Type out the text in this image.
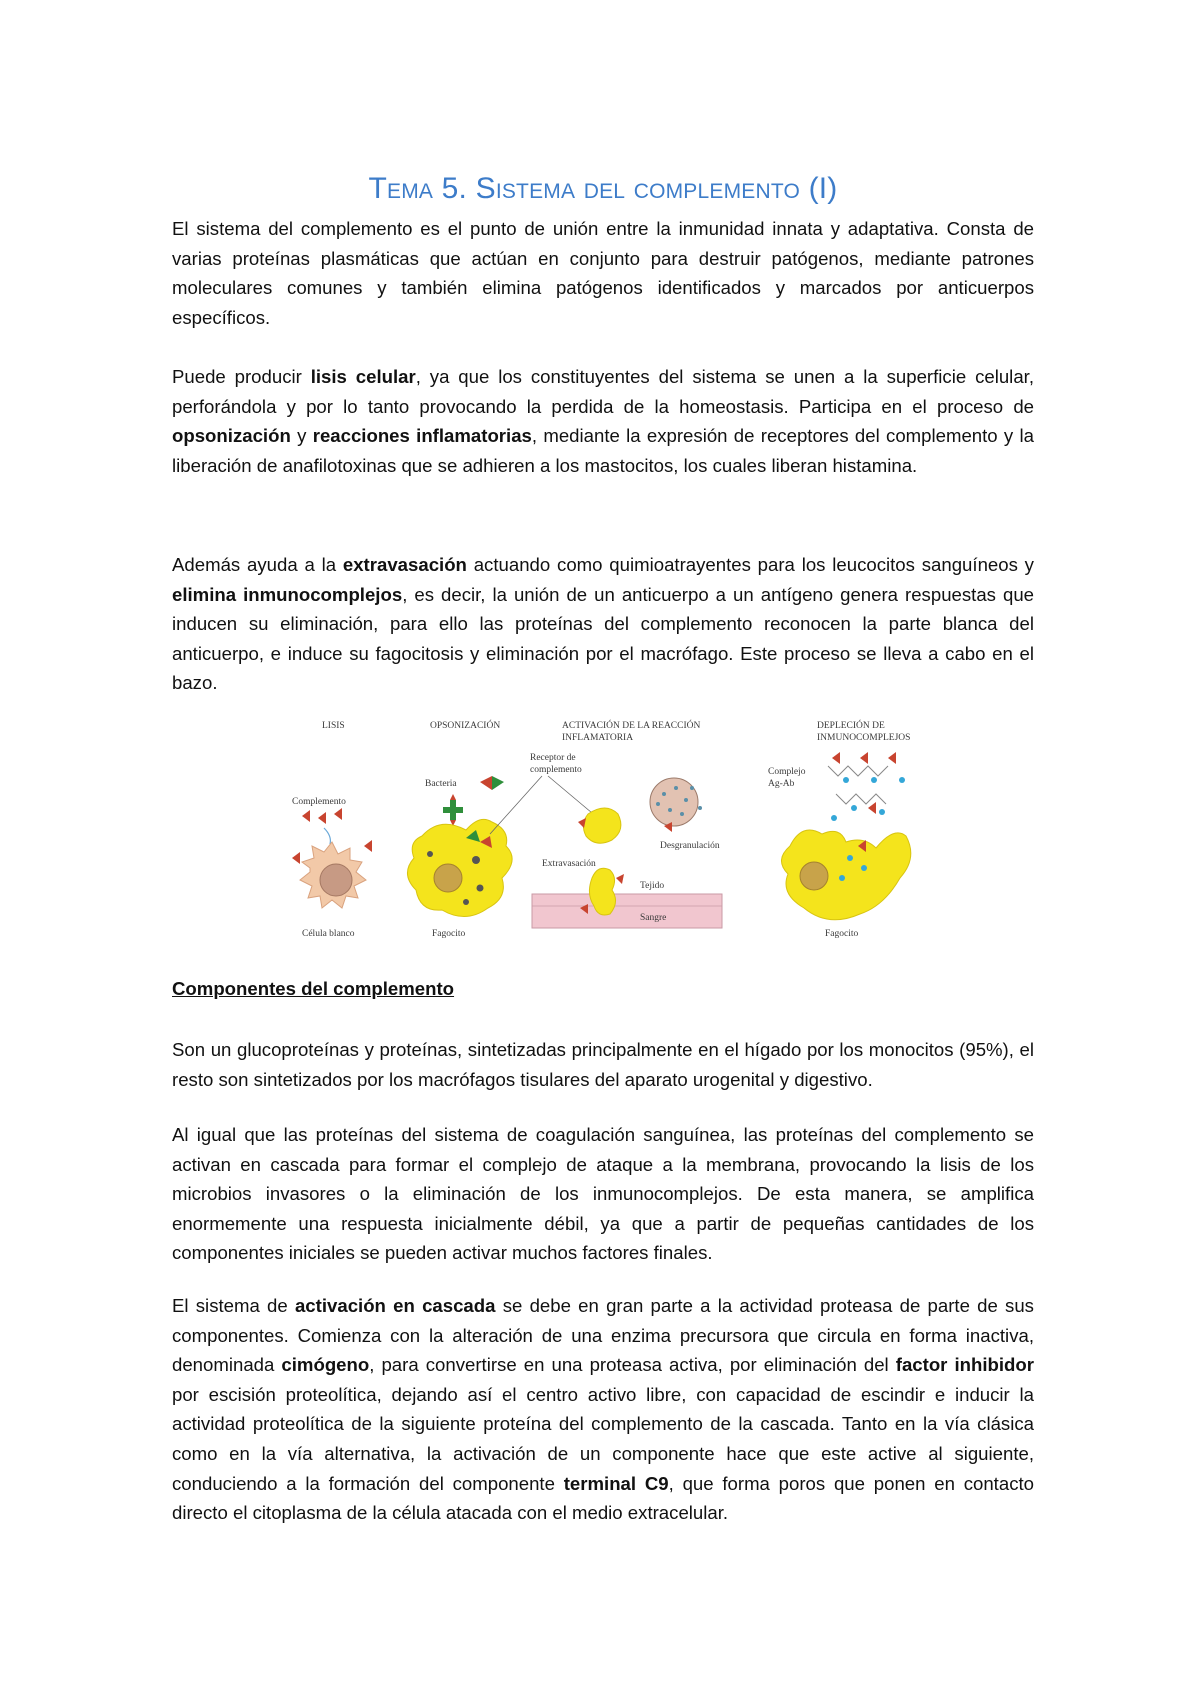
Tema 5. Sistema del complemento (I)

El sistema del complemento es el punto de unión entre la inmunidad innata y adaptativa. Consta de varias proteínas plasmáticas que actúan en conjunto para destruir patógenos, mediante patrones moleculares comunes y también elimina patógenos identificados y marcados por anticuerpos específicos.

Puede producir lisis celular, ya que los constituyentes del sistema se unen a la superficie celular, perforándola y por lo tanto provocando la perdida de la homeostasis. Participa en el proceso de opsonización y reacciones inflamatorias, mediante la expresión de receptores del complemento y la liberación de anafilotoxinas que se adhieren a los mastocitos, los cuales liberan histamina.

Además ayuda a la extravasación actuando como quimioatrayentes para los leucocitos sanguíneos y elimina inmunocomplejos, es decir, la unión de un anticuerpo a un antígeno genera respuestas que inducen su eliminación, para ello las proteínas del complemento reconocen la parte blanca del anticuerpo, e induce su fagocitosis y eliminación por el macrófago. Este proceso se lleva a cabo en el bazo.

Componentes del complemento

Son un glucoproteínas y proteínas, sintetizadas principalmente en el hígado por los monocitos (95%), el resto son sintetizados por los macrófagos tisulares del aparato urogenital y digestivo.

Al igual que las proteínas del sistema de coagulación sanguínea, las proteínas del complemento se activan en cascada para formar el complejo de ataque a la membrana, provocando la lisis de los microbios invasores o la eliminación de los inmunocomplejos. De esta manera, se amplifica enormemente una respuesta inicialmente débil, ya que a partir de pequeñas cantidades de los componentes iniciales se pueden activar muchos factores finales.

El sistema de activación en cascada se debe en gran parte a la actividad proteasa de parte de sus componentes. Comienza con la alteración de una enzima precursora que circula en forma inactiva, denominada cimógeno, para convertirse en una proteasa activa, por eliminación del factor inhibidor por escisión proteolítica, dejando así el centro activo libre, con capacidad de escindir e inducir la actividad proteolítica de la siguiente proteína del complemento de la cascada. Tanto en la vía clásica como en la vía alternativa, la activación de un componente hace que este active al siguiente, conduciendo a la formación del componente terminal C9, que forma poros que ponen en contacto directo el citoplasma de la célula atacada con el medio extracelular.

LISIS	OPSONIZACIÓN	ACTIVACIÓN DE LA REACCIÓN
INFLAMATORIA
DEPLECIÓN DE
INMUNOCOMPLEJOS
Complemento
Célula blanco
Bacteria
Fagocito
Receptor de
complemento
Desgranulación
Extravasación
Tejido
Sangre
Complejo
Ag-Ab
Fagocito
